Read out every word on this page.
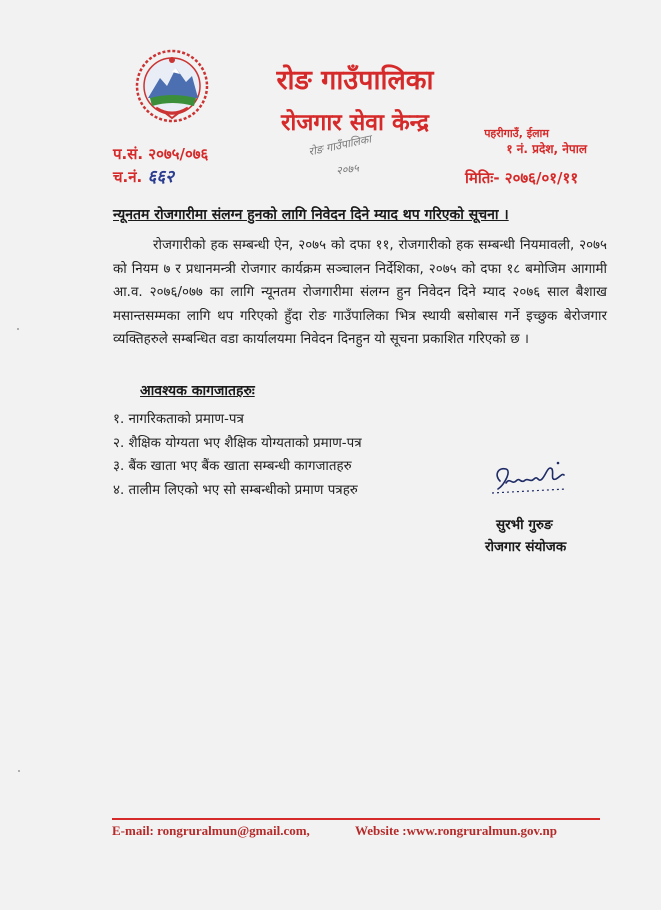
रोङ गाउँपालिका
रोजगार सेवा केन्द्र	पहरीगाउँ, ईलाम
१ नं. प्रदेश, नेपाल
प.सं. २०७५/०७६
च.नं. ६६२	मितिः- २०७६/०१/११
रोङ गाउँपालिका
२०७५
न्यूनतम रोजगारीमा संलग्न हुनको लागि निवेदन दिने म्याद थप गरिएको सूचना ।
रोजगारीको हक सम्बन्धी ऐन, २०७५ को दफा ११, रोजगारीको हक सम्बन्धी नियमावली, २०७५ को नियम ७ र प्रधानमन्त्री रोजगार कार्यक्रम सञ्चालन निर्देशिका, २०७५ को दफा १८ बमोजिम आगामी आ.व. २०७६/०७७ का लागि न्यूनतम रोजगारीमा संलग्न हुन निवेदन दिने म्याद २०७६ साल बैशाख मसान्तसम्मका लागि थप गरिएको हुँदा रोङ गाउँपालिका भित्र स्थायी बसोबास गर्ने इच्छुक बेरोजगार व्यक्तिहरुले सम्बन्धित वडा कार्यालयमा निवेदन दिनहुन यो सूचना प्रकाशित गरिएको छ ।
आवश्यक कागजातहरुः
१. नागरिकताको प्रमाण-पत्र
२. शैक्षिक योग्यता भए शैक्षिक योग्यताको प्रमाण-पत्र
३. बैंक खाता भए बैंक खाता सम्बन्धी कागजातहरु
४. तालीम लिएको भए सो सम्बन्धीको प्रमाण पत्रहरु
सुरभी गुरुङ
रोजगार संयोजक
E-mail: rongruralmun@gmail.com,	Website :www.rongruralmun.gov.np
